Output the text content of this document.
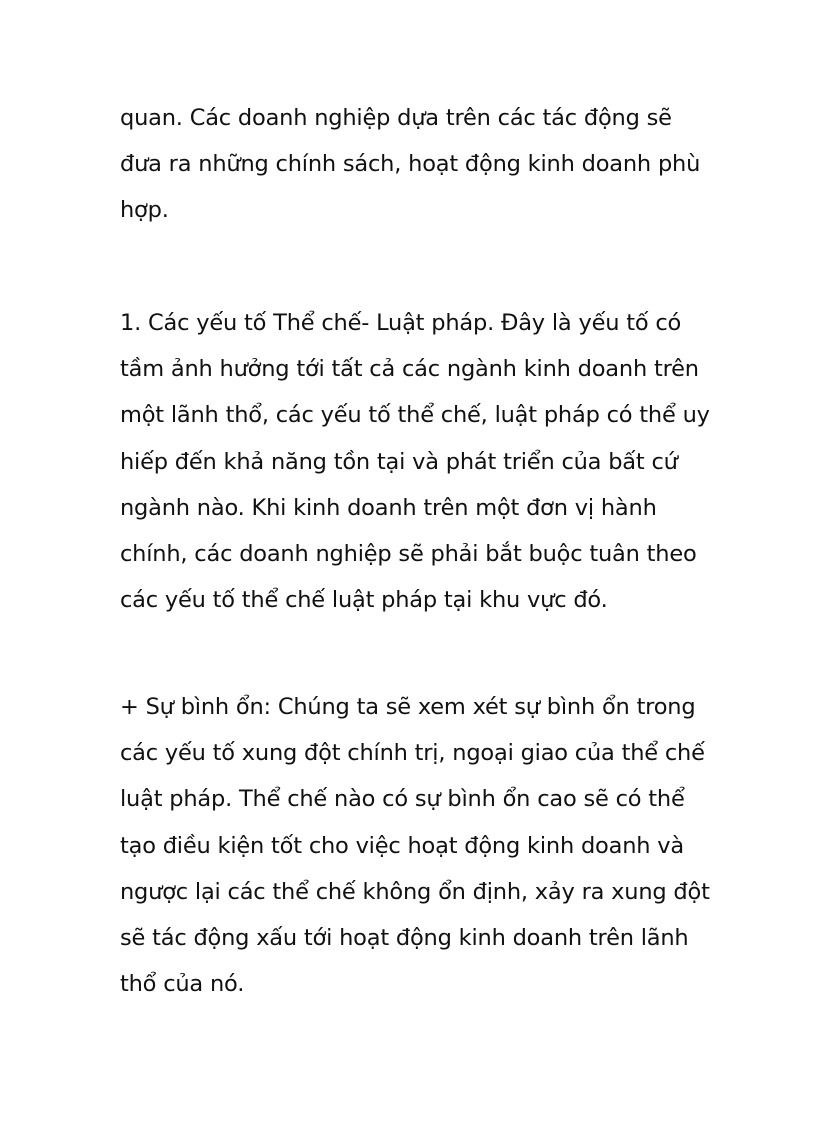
quan. Các doanh nghiệp dựa trên các tác động sẽ
đưa ra những chính sách, hoạt động kinh doanh phù
hợp.
1. Các yếu tố Thể chế- Luật pháp. Đây là yếu tố có
tầm ảnh hưởng tới tất cả các ngành kinh doanh trên
một lãnh thổ, các yếu tố thể chế, luật pháp có thể uy
hiếp đến khả năng tồn tại và phát triển của bất cứ
ngành nào. Khi kinh doanh trên một đơn vị hành
chính, các doanh nghiệp sẽ phải bắt buộc tuân theo
các yếu tố thể chế luật pháp tại khu vực đó.
+ Sự bình ổn: Chúng ta sẽ xem xét sự bình ổn trong
các yếu tố xung đột chính trị, ngoại giao của thể chế
luật pháp. Thể chế nào có sự bình ổn cao sẽ có thể
tạo điều kiện tốt cho việc hoạt động kinh doanh và
ngược lại các thể chế không ổn định, xảy ra xung đột
sẽ tác động xấu tới hoạt động kinh doanh trên lãnh
thổ của nó.
